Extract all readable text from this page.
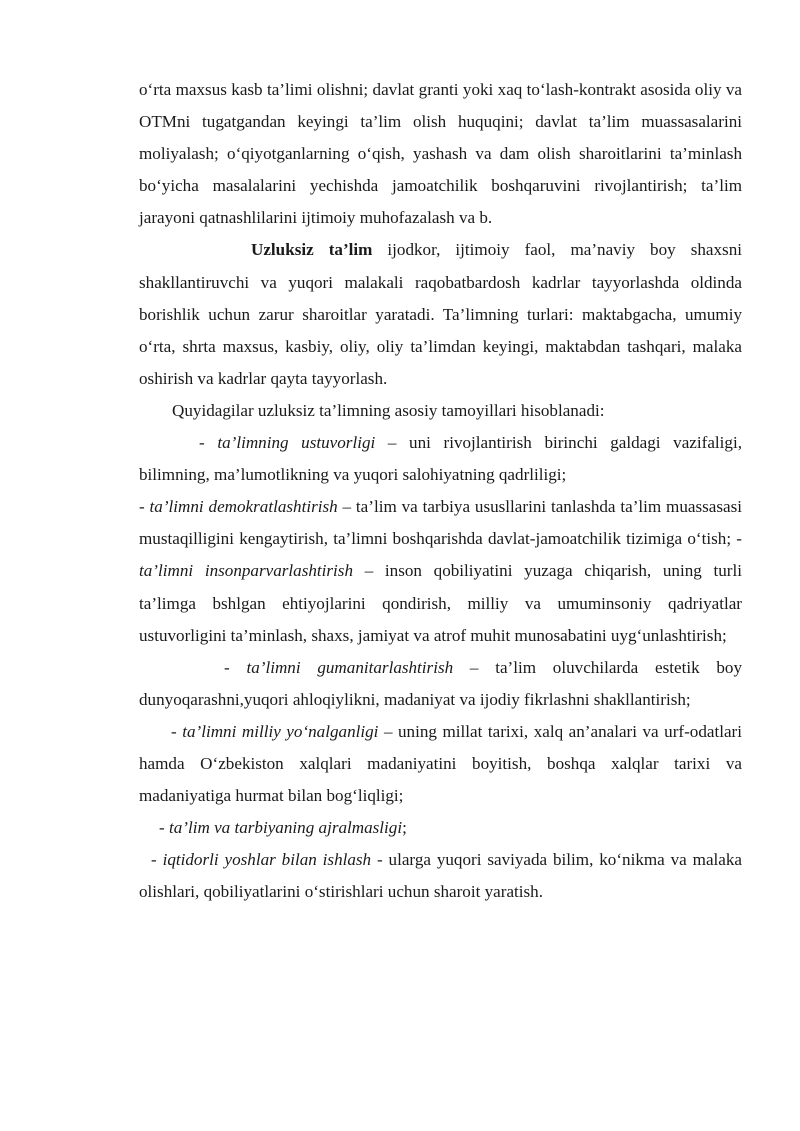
o‘rta maxsus kasb ta’limi olishni; davlat granti yoki xaq to‘lash-kontrakt asosida oliy va OTMni tugatgandan keyingi ta’lim olish huquqini; davlat ta’lim muassasalarini moliyalash; o‘qiyotganlarning o‘qish, yashash va dam olish sharoitlarini ta’minlash bo‘yicha masalalarini yechishda jamoatchilik boshqaruvini rivojlantirish; ta’lim jarayoni qatnashlilarini ijtimoiy muhofazalash va b.

Uzluksiz ta’lim ijodkor, ijtimoiy faol, ma’naviy boy shaxsni shakllantiruvchi va yuqori malakali raqobatbardosh kadrlar tayyorlashda oldinda borishlik uchun zarur sharoitlar yaratadi. Ta’limning turlari: maktabgacha, umumiy o‘rta, shrta maxsus, kasbiy, oliy, oliy ta’limdan keyingi, maktabdan tashqari, malaka oshirish va kadrlar qayta tayyorlash.

Quyidagilar uzluksiz ta’limning asosiy tamoyillari hisoblanadi:

- ta’limning ustuvorligi – uni rivojlantirish birinchi galdagi vazifaligi, bilimning, ma’lumotlikning va yuqori salohiyatning qadrliligi;

- ta’limni demokratlashtirish – ta’lim va tarbiya ususllarini tanlashda ta’lim muassasasi mustaqilligini kengaytirish, ta’limni boshqarishda davlat-jamoatchilik tizimiga o‘tish; - ta’limni insonparvarlashtirish – inson qobiliyatini yuzaga chiqarish, uning turli ta’limga bshlgan ehtiyojlarini qondirish, milliy va umuminsoniy qadriyatlar ustuvorligini ta’minlash, shaxs, jamiyat va atrof muhit munosabatini uyg‘unlashtirish;

- ta’limni gumanitarlashtirish – ta’lim oluvchilarda estetik boy dunyoqarashni,yuqori ahloqiylikni, madaniyat va ijodiy fikrlashni shakllantirish;

- ta’limni milliy yo‘nalganligi – uning millat tarixi, xalq an’analari va urf-odatlari hamda O‘zbekiston xalqlari madaniyatini boyitish, boshqa xalqlar tarixi va madaniyatiga hurmat bilan bog‘liqligi;

- ta’lim va tarbiyaning ajralmasligi;

- iqtidorli yoshlar bilan ishlash - ularga yuqori saviyada bilim, ko‘nikma va malaka olishlari, qobiliyatlarini o‘stirishlari uchun sharoit yaratish.
